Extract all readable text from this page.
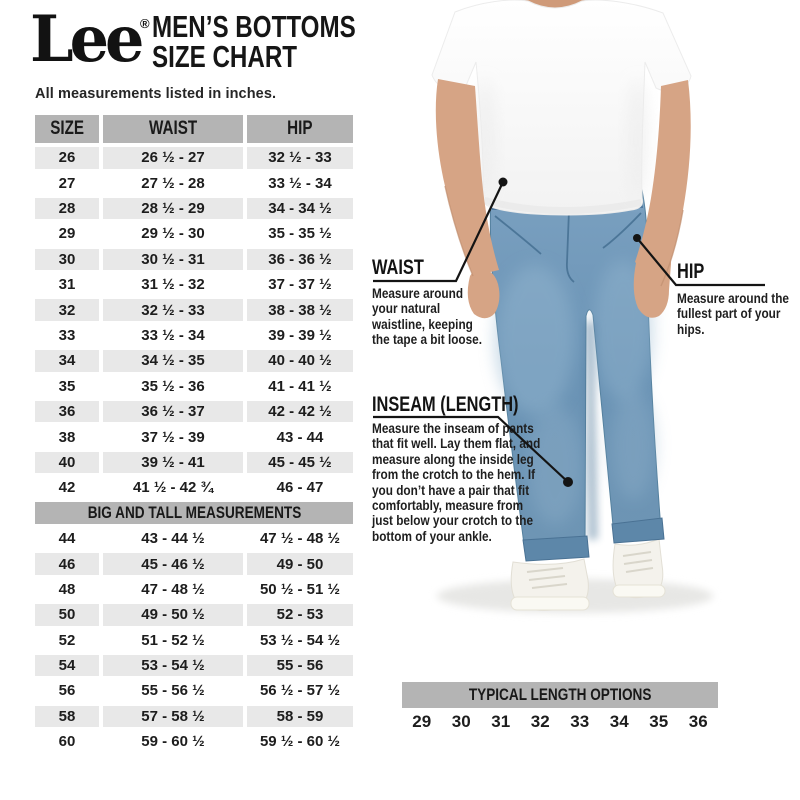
Lee ® MEN’S BOTTOMS
SIZE CHART
All measurements listed in inches.
SIZE	WAIST	HIP
26	26 ½ - 27	32 ½ - 33
27	27 ½ - 28	33 ½ - 34
28	28 ½ - 29	34 - 34 ½
29	29 ½ - 30	35 - 35 ½
30	30 ½ - 31	36 - 36 ½
31	31 ½ - 32	37 - 37 ½
32	32 ½ - 33	38 - 38 ½
33	33 ½ - 34	39 - 39 ½
34	34 ½ - 35	40 - 40 ½
35	35 ½ - 36	41 - 41 ½
36	36 ½ - 37	42 - 42 ½
38	37 ½ - 39	43 - 44
40	39 ½ - 41	45 - 45 ½
42	41 ½ - 42 ¾	46 - 47
BIG AND TALL MEASUREMENTS
44	43 - 44 ½	47 ½ - 48 ½
46	45 - 46 ½	49 - 50
48	47 - 48 ½	50 ½ - 51 ½
50	49 - 50 ½	52 - 53
52	51 - 52 ½	53 ½ - 54 ½
54	53 - 54 ½	55 - 56
56	55 - 56 ½	56 ½ - 57 ½
58	57 - 58 ½	58 - 59
60	59 - 60 ½	59 ½ - 60 ½
WAIST
Measure around your natural waistline, keeping the tape a bit loose.
HIP
Measure around the fullest part of your hips.
INSEAM (LENGTH)
Measure the inseam of pants that fit well. Lay them flat, and measure along the inside leg from the crotch to the hem. If you don’t have a pair that fit comfortably, measure from just below your crotch to the bottom of your ankle.
TYPICAL LENGTH OPTIONS
29 30 31 32 33 34 35 36
